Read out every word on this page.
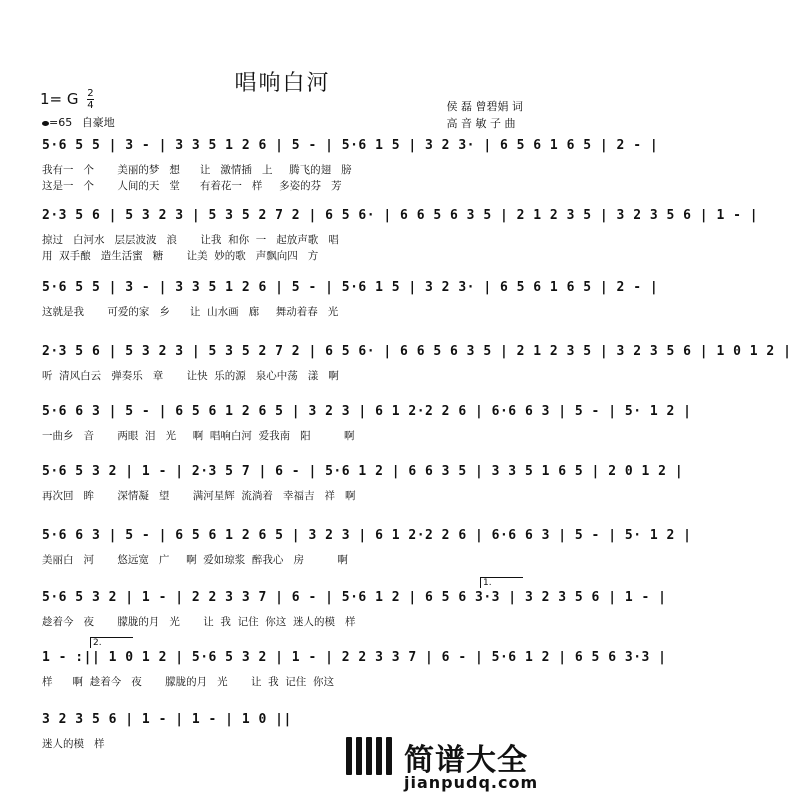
唱响白河
1= G $\frac{2}{4}$
=65 自豪地
侯 磊 曾碧娟 词
高 音 敏 子 曲
5·6 5 5 | 3 - | 3 3 5 1 2 6 | 5 - | 5·6 1 5 | 3 2 3· | 6 5 6 1 6 5 | 2 - |
我有一   个       美丽的梦   想      让   激情插   上     腾飞的翅   膀
这是一   个       人间的天   堂      有着花一   样     多姿的芬   芳
2·3 5 6 | 5 3 2 3 | 5 3 5 2 7 2 | 6 5 6· | 6 6 5 6 3 5 | 2 1 2 3 5 | 3 2 3 5 6 | 1 - |
掠过   白河水   层层波波   浪       让我  和你  一   起放声歌   唱
用  双手酿   造生活蜜   糖       让美  妙的歌   声飘向四   方
5·6 5 5 | 3 - | 3 3 5 1 2 6 | 5 - | 5·6 1 5 | 3 2 3· | 6 5 6 1 6 5 | 2 - |
这就是我       可爱的家   乡      让  山水画   廊     舞动着春   光
2·3 5 6 | 5 3 2 3 | 5 3 5 2 7 2 | 6 5 6· | 6 6 5 6 3 5 | 2 1 2 3 5 | 3 2 3 5 6 | 1 0 1 2 |
听  清风白云   弹奏乐   章       让快  乐的源   泉心中荡   漾   啊
5·6 6 3 | 5 - | 6 5 6 1 2 6 5 | 3 2 3 | 6 1 2·2 2 6 | 6·6 6 3 | 5 - | 5· 1 2 |
一曲乡   音       两眼  泪   光     啊  唱响白河  爱我南   阳          啊
5·6 5 3 2 | 1 - | 2·3 5 7 | 6 - | 5·6 1 2 | 6 6 3 5 | 3 3 5 1 6 5 | 2 0 1 2 |
再次回   眸       深情凝   望       满河星辉  流淌着   幸福吉   祥   啊
5·6 6 3 | 5 - | 6 5 6 1 2 6 5 | 3 2 3 | 6 1 2·2 2 6 | 6·6 6 3 | 5 - | 5· 1 2 |
美丽白   河       悠远宽   广     啊  爱如琼浆  醉我心   房          啊
1.
5·6 5 3 2 | 1 - | 2 2 3 3 7 | 6 - | 5·6 1 2 | 6 5 6 3·3 | 3 2 3 5 6 | 1 - |
趁着今   夜       朦胧的月   光       让  我  记住  你这  迷人的模   样
2.
1 - :|| 1 0 1 2 | 5·6 5 3 2 | 1 - | 2 2 3 3 7 | 6 - | 5·6 1 2 | 6 5 6 3·3 |
样      啊  趁着今   夜       朦胧的月   光       让  我  记住  你这
3 2 3 5 6 | 1 - | 1 - | 1 0 ||
迷人的模   样	简谱大全
jianpudq.com
